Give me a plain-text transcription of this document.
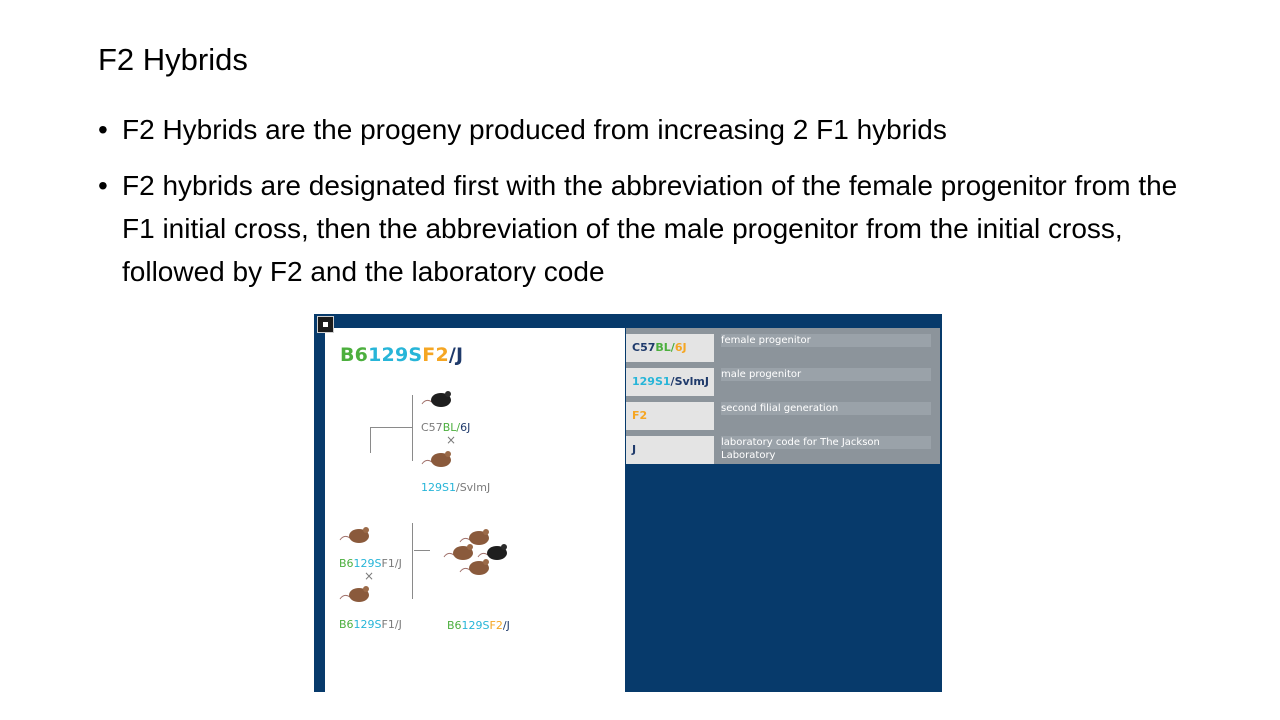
F2 Hybrids
• F2 Hybrids are the progeny produced from increasing 2 F1 hybrids
• F2 hybrids are designated first with the abbreviation of the female progenitor from the F1 initial cross, then the abbreviation of the male progenitor from the initial cross, followed by F2 and the laboratory code
B6129SF2/J
C57BL/6J
×
129S1/SvlmJ
B6129SF1/J
×
B6129SF1/J	B6129SF2/J
C57BL/6J
female progenitor
129S1/SvlmJ
male progenitor
F2
second filial generation
J
laboratory code for The Jackson Laboratory
